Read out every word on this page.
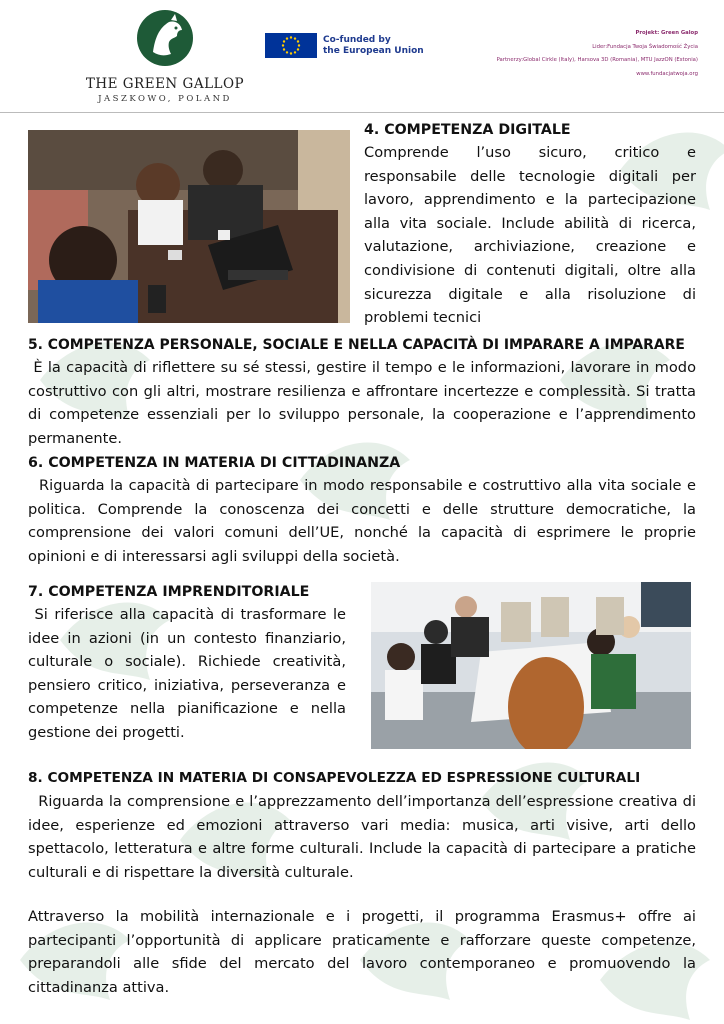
THE GREEN GALLOP
JASZKOWO, POLAND
Co-funded by
the European Union
Projekt: Green Galop
Lider:Fundacja Twoja Świadomość Życia
Partnerzy:Global Cirkle (Italy), Harsova 3D (Romania), MTU JazzON (Estonia)
www.fundacjatwoja.org
4. COMPETENZA DIGITALE
Comprende l’uso sicuro, critico e responsabile delle tecnologie digitali per lavoro, apprendimento e la partecipazione alla vita sociale. Include abilità di ricerca, valutazione, archiviazione, creazione e condivisione di contenuti digitali, oltre alla sicurezza digitale e alla risoluzione di problemi tecnici
5. COMPETENZA PERSONALE, SOCIALE E NELLA CAPACITÀ DI IMPARARE A IMPARARE
È la capacità di riflettere su sé stessi, gestire il tempo e le informazioni, lavorare in modo costruttivo con gli altri, mostrare resilienza e affrontare incertezze e complessità. Si tratta di competenze essenziali per lo sviluppo personale, la cooperazione e l’apprendimento permanente.
6. COMPETENZA IN MATERIA DI CITTADINANZA
Riguarda la capacità di partecipare in modo responsabile e costruttivo alla vita sociale e politica. Comprende la conoscenza dei concetti e delle strutture democratiche, la comprensione dei valori comuni dell’UE, nonché la capacità di esprimere le proprie opinioni e di interessarsi agli sviluppi della società.
7. COMPETENZA IMPRENDITORIALE
Si riferisce alla capacità di trasformare le idee in azioni (in un contesto finanziario, culturale o sociale). Richiede creatività, pensiero critico, iniziativa, perseveranza e competenze nella pianificazione e nella gestione dei progetti.
8. COMPETENZA IN MATERIA DI CONSAPEVOLEZZA ED ESPRESSIONE CULTURALI
Riguarda la comprensione e l’apprezzamento dell’importanza dell’espressione creativa di idee, esperienze ed emozioni attraverso vari media: musica, arti visive, arti dello spettacolo, letteratura e altre forme culturali. Include la capacità di partecipare a pratiche culturali e di rispettare la diversità culturale.
Attraverso la mobilità internazionale e i progetti, il programma Erasmus+ offre ai partecipanti l’opportunità di applicare praticamente e rafforzare queste competenze, preparandoli alle sfide del mercato del lavoro contemporaneo e promuovendo la cittadinanza attiva.
